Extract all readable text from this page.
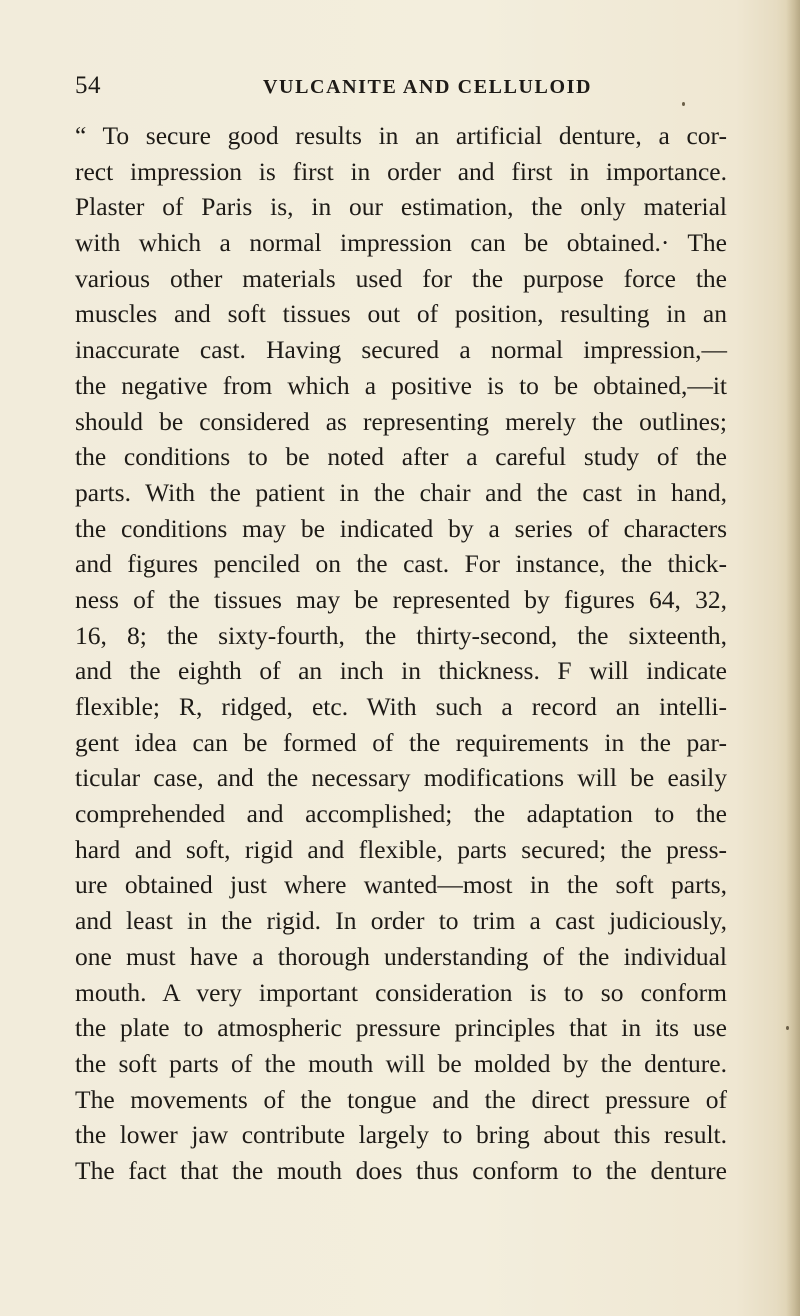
54	VULCANITE AND CELLULOID
“ To secure good results in an artificial denture, a cor-
rect impression is first in order and first in importance.
Plaster of Paris is, in our estimation, the only material
with which a normal impression can be obtained.· The
various other materials used for the purpose force the
muscles and soft tissues out of position, resulting in an
inaccurate cast. Having secured a normal impression,—
the negative from which a positive is to be obtained,—it
should be considered as representing merely the outlines;
the conditions to be noted after a careful study of the
parts. With the patient in the chair and the cast in hand,
the conditions may be indicated by a series of characters
and figures penciled on the cast. For instance, the thick-
ness of the tissues may be represented by figures 64, 32,
16, 8; the sixty-fourth, the thirty-second, the sixteenth,
and the eighth of an inch in thickness. F will indicate
flexible; R, ridged, etc. With such a record an intelli-
gent idea can be formed of the requirements in the par-
ticular case, and the necessary modifications will be easily
comprehended and accomplished; the adaptation to the
hard and soft, rigid and flexible, parts secured; the press-
ure obtained just where wanted—most in the soft parts,
and least in the rigid. In order to trim a cast judiciously,
one must have a thorough understanding of the individual
mouth. A very important consideration is to so conform
the plate to atmospheric pressure principles that in its use
the soft parts of the mouth will be molded by the denture.
The movements of the tongue and the direct pressure of
the lower jaw contribute largely to bring about this result.
The fact that the mouth does thus conform to the denture
